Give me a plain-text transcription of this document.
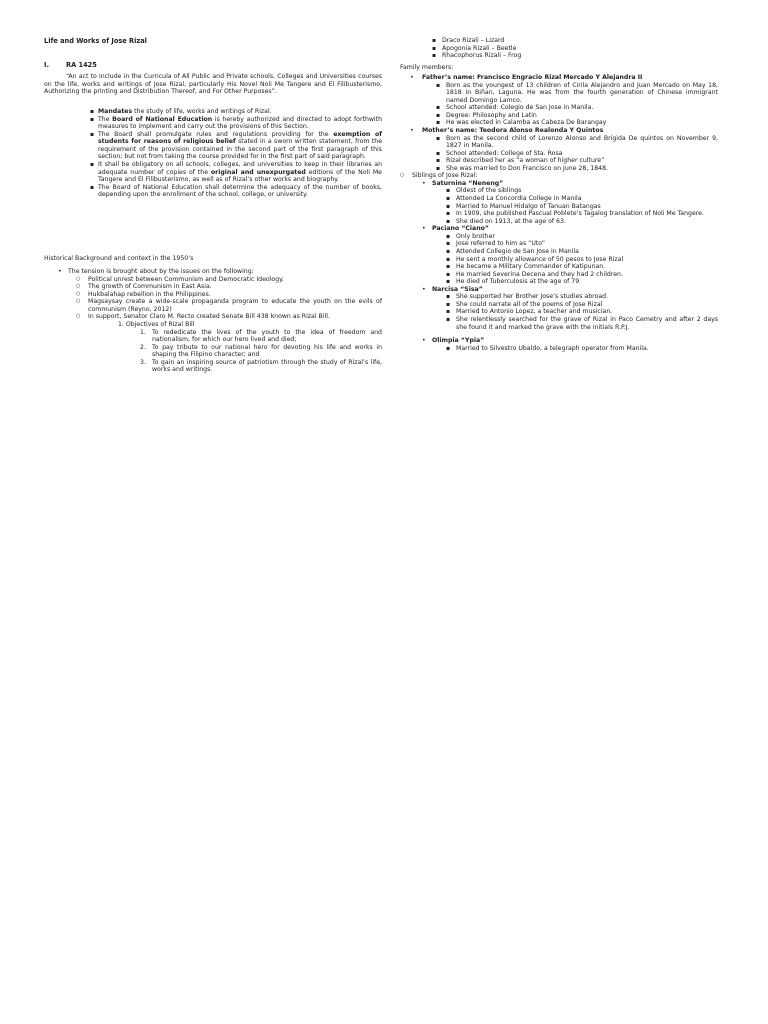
Life and Works of Jose Rizal
I.	RA 1425
“An act to include in the Curricula of All Public and Private schools, Colleges and Universities courses on the life, works and writings of Jose Rizal, particularly His Novel Noli Me Tangere and El Filibusterismo, Authorizing the printing and Distribution Thereof, and For Other Purposes”.
▪ Mandates the study of life, works and writings of Rizal.
▪ The Board of National Education is hereby authorized and directed to adopt forthwith measures to implement and carry out the provisions of this Section.
▪ The Board shall promulgate rules and regulations providing for the exemption of students for reasons of religious belief stated in a sworn written statement, from the requirement of the provision contained in the second part of the first paragraph of this section; but not from taking the course provided for in the first part of said paragraph.
▪ It shall be obligatory on all schools, colleges, and universities to keep in their libraries an adequate number of copies of the original and unexpurgated editions of the Noli Me Tangere and El Filibusterismo, as well as of Rizal’s other works and biography.
▪ The Board of National Education shall determine the adequacy of the number of books, depending upon the enrollment of the school, college, or university.
Historical Background and context in the 1950’s
• The tension is brought about by the issues on the following:
○ Political unrest between Communism and Democratic Ideology.
○ The growth of Communism in East Asia.
○ Hukbalahap rebellion in the Philippines.
○ Magsaysay create a wide-scale propaganda program to educate the youth on the evils of communism (Reyno, 2012)
○ In support, Senator Claro M. Recto created Senate Bill 438 known as Rizal Bill.
1. Objectives of Rizal Bill
1. To rededicate the lives of the youth to the idea of freedom and nationalism, for which our hero lived and died;
2. To pay tribute to our national hero for devoting his life and works in shaping the Filipino character; and
3. To gain an inspiring source of patriotism through the study of Rizal’s life, works and writings.
▪ Draco Rizali – Lizard
▪ Apogonia Rizali – Beetle
▪ Rhacophorus Rizali – Frog
Family members:
• Father’s name: Francisco Engracio Rizal Mercado Y Alejandra II
▪ Born as the youngest of 13 children of Cirila Alejandro and Juan Mercado on May 18, 1818 in Biñan, Laguna. He was from the fourth generation of Chinese immigrant named Domingo Lamco.
▪ School attended: Colegio de San Jose in Manila.
▪ Degree: Philosophy and Latin
▪ He was elected in Calamba as Cabeza De Barangay
• Mother’s name: Teodora Alonso Realonda Y Quintos
▪ Born as the second child of Lorenzo Alonso and Brigida De quintos on November 9, 1827 in Manila.
▪ School attended: College of Sta. Rosa
▪ Rizal described her as “a woman of higher culture”
▪ She was married to Don Francisco on June 28, 1848.
○ Siblings of Jose Rizal:
• Saturnina “Neneng”
▪ Oldest of the siblings
▪ Attended La Concordia College in Manila
▪ Married to Manuel Hidalgo of Tanuan Batangas
▪ In 1909, she published Pascual Poblete’s Tagalog translation of Noli Me Tangere.
▪ She died on 1913, at the age of 63.
• Paciano “Ciano”
▪ Only brother
▪ Jose referred to him as “Uto”
▪ Attended Collegio de San Jose in Manila
▪ He sent a monthly allowance of 50 pesos to Jose Rizal
▪ He became a Military Commander of Katipunan.
▪ He married Severina Decena and they had 2 children.
▪ He died of Tuberculosis at the age of 79
• Narcisa “Sisa”
▪ She supported her Brother Jose’s studies abroad.
▪ She could narrate all of the poems of Jose Rizal
▪ Married to Antonio Lopez, a teacher and musician.
▪ She relentlessly searched for the grave of Rizal in Paco Cemetry and after 2 days she found it and marked the grave with the initials R.P.J.
• Olimpia “Ypia”
▪ Married to Silvestro Ubaldo, a telegraph operator from Manila.
